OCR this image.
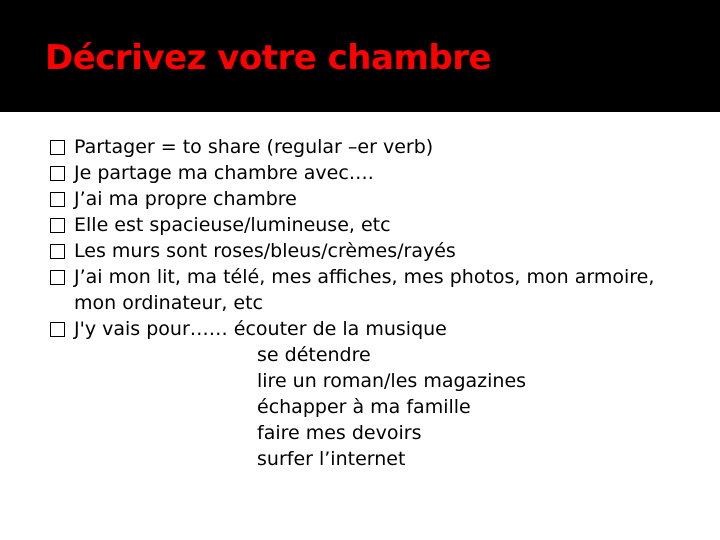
Décrivez votre chambre
Partager = to share (regular –er verb)
Je partage ma chambre avec….
J’ai ma propre chambre
Elle est spacieuse/lumineuse, etc
Les murs sont roses/bleus/crèmes/rayés
J’ai mon lit, ma télé, mes affiches, mes photos, mon armoire, mon ordinateur, etc
J'y vais pour…… écouter de la musique
se détendre
lire un roman/les magazines
échapper à ma famille
faire mes devoirs
surfer l’internet
